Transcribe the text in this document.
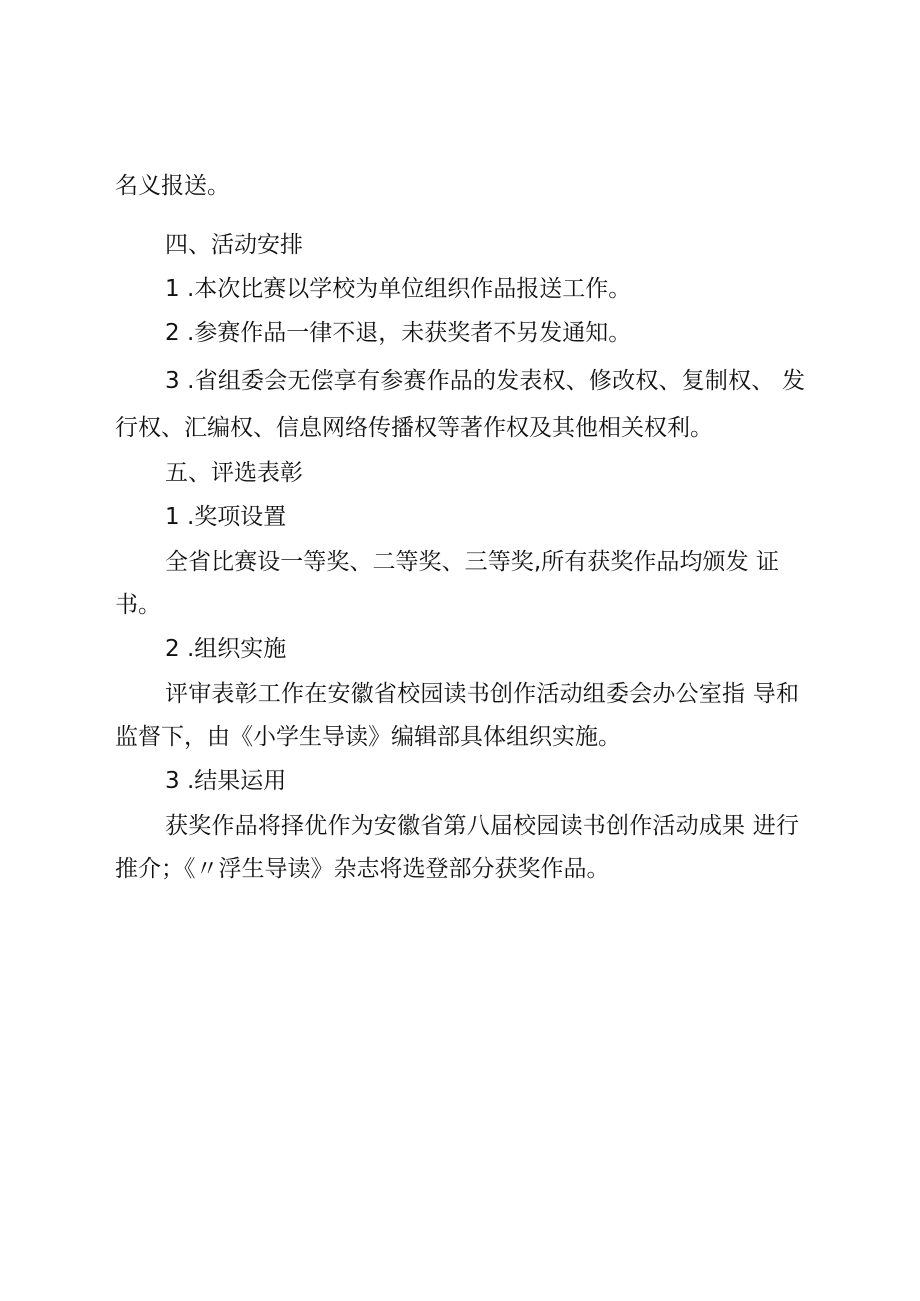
名义报送。
四、活动安排
1 .本次比赛以学校为单位组织作品报送工作。
2 .参赛作品一律不退，未获奖者不另发通知。
3 .省组委会无偿享有参赛作品的发表权、修改权、复制权、 发
行权、汇编权、信息网络传播权等著作权及其他相关权利。
五、评选表彰
1 .奖项设置
全省比赛设一等奖、二等奖、三等奖,所有获奖作品均颁发 证
书。
2 .组织实施
评审表彰工作在安徽省校园读书创作活动组委会办公室指 导和
监督下，由《小学生导读》编辑部具体组织实施。
3 .结果运用
获奖作品将择优作为安徽省第八届校园读书创作活动成果 进行
推介；《〃浮生导读》杂志将选登部分获奖作品。
